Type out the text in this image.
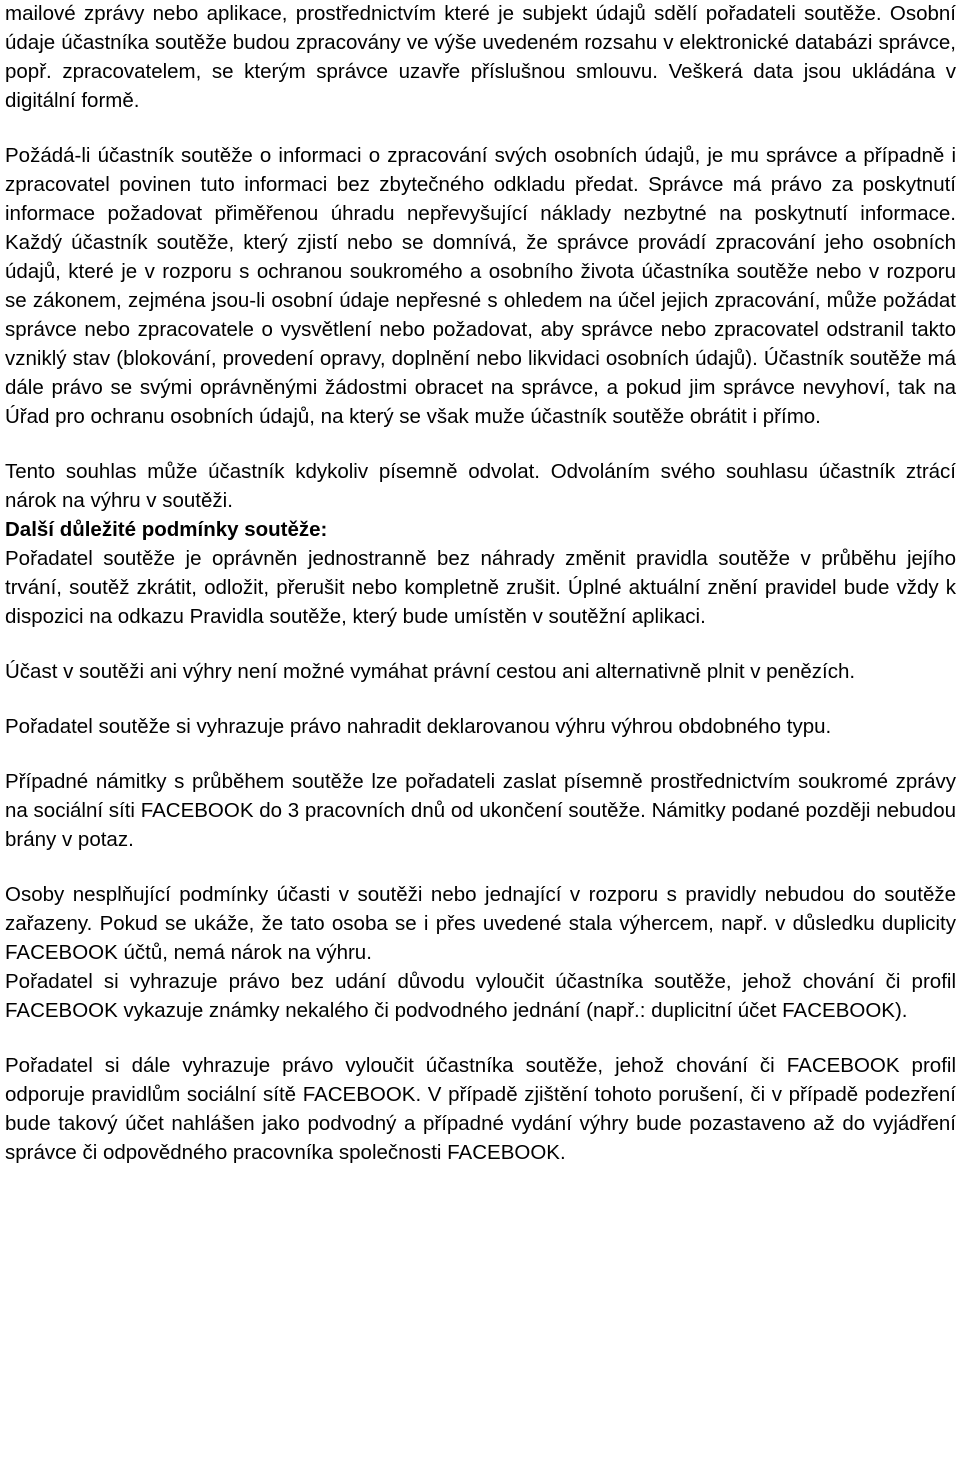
mailové zprávy nebo aplikace, prostřednictvím které je subjekt údajů sdělí pořadateli soutěže. Osobní údaje účastníka soutěže budou zpracovány ve výše uvedeném rozsahu v elektronické databázi správce, popř. zpracovatelem, se kterým správce uzavře příslušnou smlouvu. Veškerá data jsou ukládána v digitální formě.

Požádá-li účastník soutěže o informaci o zpracování svých osobních údajů, je mu správce a případně i zpracovatel povinen tuto informaci bez zbytečného odkladu předat. Správce má právo za poskytnutí informace požadovat přiměřenou úhradu nepřevyšující náklady nezbytné na poskytnutí informace. Každý účastník soutěže, který zjistí nebo se domnívá, že správce provádí zpracování jeho osobních údajů, které je v rozporu s ochranou soukromého a osobního života účastníka soutěže nebo v rozporu se zákonem, zejména jsou-li osobní údaje nepřesné s ohledem na účel jejich zpracování, může požádat správce nebo zpracovatele o vysvětlení nebo požadovat, aby správce nebo zpracovatel odstranil takto vzniklý stav (blokování, provedení opravy, doplnění nebo likvidaci osobních údajů). Účastník soutěže má dále právo se svými oprávněnými žádostmi obracet na správce, a pokud jim správce nevyhoví, tak na Úřad pro ochranu osobních údajů, na který se však muže účastník soutěže obrátit i přímo.

Tento souhlas může účastník kdykoliv písemně odvolat. Odvoláním svého souhlasu účastník ztrácí nárok na výhru v soutěži.

Další důležité podmínky soutěže:

Pořadatel soutěže je oprávněn jednostranně bez náhrady změnit pravidla soutěže v průběhu jejího trvání, soutěž zkrátit, odložit, přerušit nebo kompletně zrušit. Úplné aktuální znění pravidel bude vždy k dispozici na odkazu Pravidla soutěže, který bude umístěn v soutěžní aplikaci.

Účast v soutěži ani výhry není možné vymáhat právní cestou ani alternativně plnit v penězích.

Pořadatel soutěže si vyhrazuje právo nahradit deklarovanou výhru výhrou obdobného typu.

Případné námitky s průběhem soutěže lze pořadateli zaslat písemně prostřednictvím soukromé zprávy na sociální síti FACEBOOK do 3 pracovních dnů od ukončení soutěže. Námitky podané později nebudou brány v potaz.

Osoby nesplňující podmínky účasti v soutěži nebo jednající v rozporu s pravidly nebudou do soutěže zařazeny. Pokud se ukáže, že tato osoba se i přes uvedené stala výhercem, např. v důsledku duplicity FACEBOOK účtů, nemá nárok na výhru.

Pořadatel si vyhrazuje právo bez udání důvodu vyloučit účastníka soutěže, jehož chování či profil FACEBOOK vykazuje známky nekalého či podvodného jednání (např.: duplicitní účet FACEBOOK).

Pořadatel si dále vyhrazuje právo vyloučit účastníka soutěže, jehož chování či FACEBOOK profil odporuje pravidlům sociální sítě FACEBOOK. V případě zjištění tohoto porušení, či v případě podezření bude takový účet nahlášen jako podvodný a případné vydání výhry bude pozastaveno až do vyjádření správce či odpovědného pracovníka společnosti FACEBOOK.
